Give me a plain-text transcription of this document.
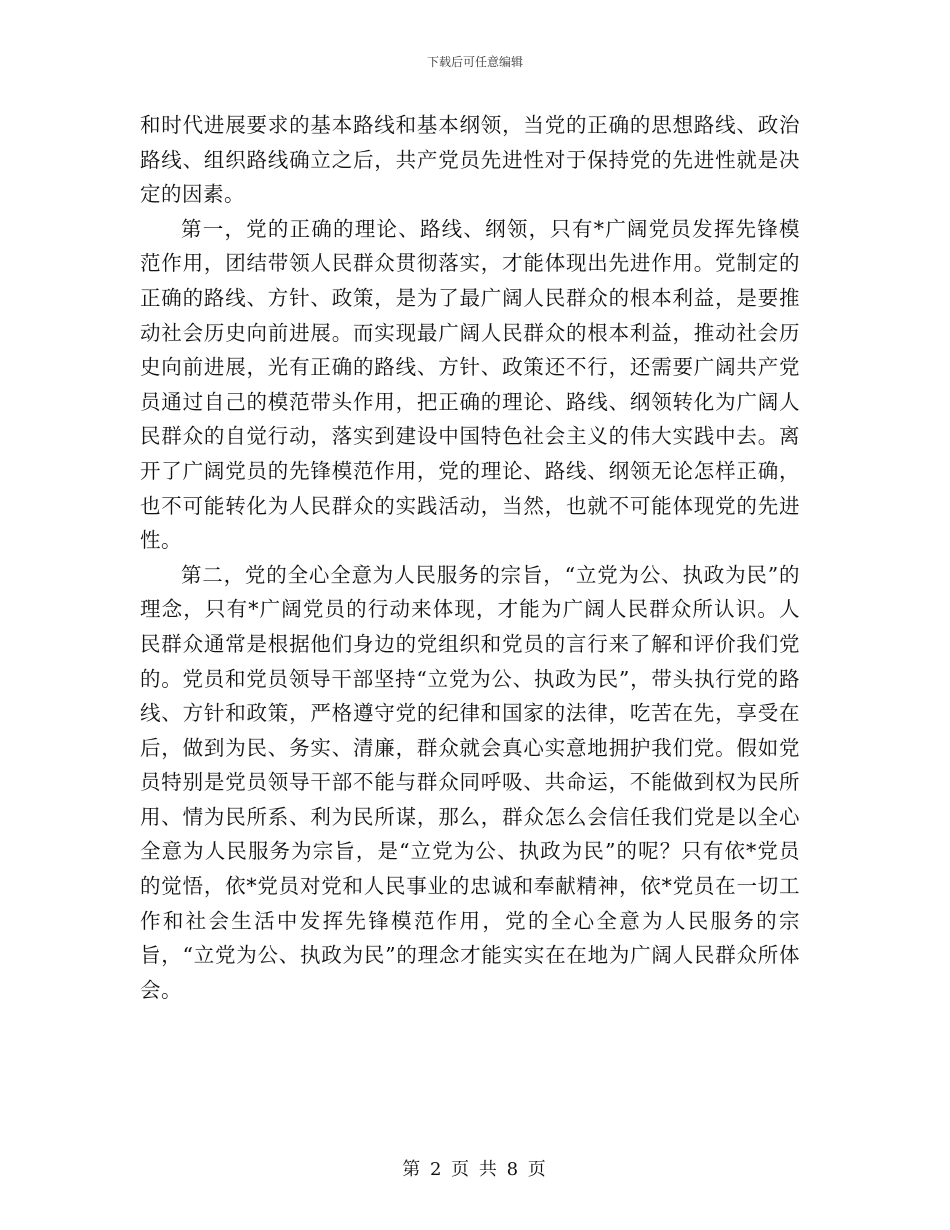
下载后可任意编辑

和时代进展要求的基本路线和基本纲领，当党的正确的思想路线、政治路线、组织路线确立之后，共产党员先进性对于保持党的先进性就是决定的因素。

第一，党的正确的理论、路线、纲领，只有*广阔党员发挥先锋模范作用，团结带领人民群众贯彻落实，才能体现出先进作用。党制定的正确的路线、方针、政策，是为了最广阔人民群众的根本利益，是要推动社会历史向前进展。而实现最广阔人民群众的根本利益，推动社会历史向前进展，光有正确的路线、方针、政策还不行，还需要广阔共产党员通过自己的模范带头作用，把正确的理论、路线、纲领转化为广阔人民群众的自觉行动，落实到建设中国特色社会主义的伟大实践中去。离开了广阔党员的先锋模范作用，党的理论、路线、纲领无论怎样正确，也不可能转化为人民群众的实践活动，当然，也就不可能体现党的先进性。

第二，党的全心全意为人民服务的宗旨，“立党为公、执政为民”的理念，只有*广阔党员的行动来体现，才能为广阔人民群众所认识。人民群众通常是根据他们身边的党组织和党员的言行来了解和评价我们党的。党员和党员领导干部坚持“立党为公、执政为民”，带头执行党的路线、方针和政策，严格遵守党的纪律和国家的法律，吃苦在先，享受在后，做到为民、务实、清廉，群众就会真心实意地拥护我们党。假如党员特别是党员领导干部不能与群众同呼吸、共命运，不能做到权为民所用、情为民所系、利为民所谋，那么，群众怎么会信任我们党是以全心全意为人民服务为宗旨，是“立党为公、执政为民”的呢？只有依*党员的觉悟，依*党员对党和人民事业的忠诚和奉献精神，依*党员在一切工作和社会生活中发挥先锋模范作用，党的全心全意为人民服务的宗旨，“立党为公、执政为民”的理念才能实实在在地为广阔人民群众所体会。

第 2 页 共 8 页
